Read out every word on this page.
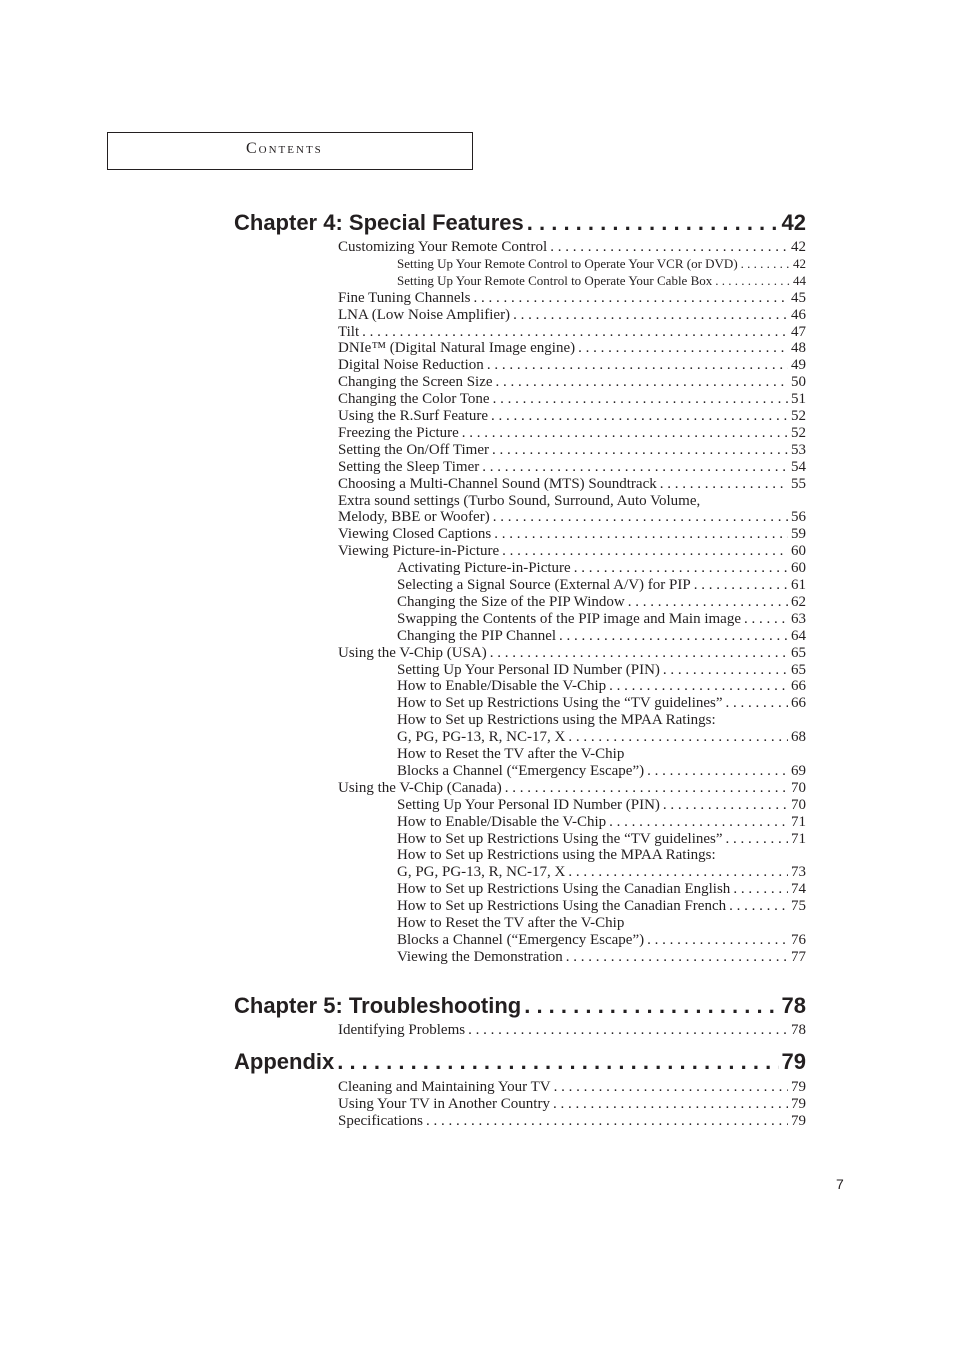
Contents
Chapter 4: Special Features . . .	42
Customizing Your Remote Control . . .	42
Setting Up Your Remote Control to Operate Your VCR (or DVD) . . .	42
Setting Up Your Remote Control to Operate Your Cable Box . . .	44
Fine Tuning Channels . . .	45
LNA (Low Noise Amplifier) . . .	46
Tilt . . .	47
DNIe™ (Digital Natural Image engine) . . .	48
Digital Noise Reduction . . .	49
Changing the Screen Size . . .	50
Changing the Color Tone . . .	51
Using the R.Surf Feature . . .	52
Freezing the Picture . . .	52
Setting the On/Off Timer . . .	53
Setting the Sleep Timer . . .	54
Choosing a Multi-Channel Sound (MTS) Soundtrack . . .	55
Extra sound settings (Turbo Sound, Surround, Auto Volume,
Melody, BBE or Woofer) . . .	56
Viewing Closed Captions . . .	59
Viewing Picture-in-Picture . . .	60
Activating Picture-in-Picture . . .	60
Selecting a Signal Source (External A/V) for PIP . . .	61
Changing the Size of the PIP Window . . .	62
Swapping the Contents of the PIP image and Main image . . .	63
Changing the PIP Channel . . .	64
Using the V-Chip (USA) . . .	65
Setting Up Your Personal ID Number (PIN) . . .	65
How to Enable/Disable the V-Chip . . .	66
How to Set up Restrictions Using the “TV guidelines” . . .	66
How to Set up Restrictions using the MPAA Ratings:
G, PG, PG-13, R, NC-17, X . . .	68
How to Reset the TV after the V-Chip
Blocks a Channel (“Emergency Escape”) . . .	69
Using the V-Chip (Canada) . . .	70
Setting Up Your Personal ID Number (PIN) . . .	70
How to Enable/Disable the V-Chip . . .	71
How to Set up Restrictions Using the “TV guidelines” . . .	71
How to Set up Restrictions using the MPAA Ratings:
G, PG, PG-13, R, NC-17, X . . .	73
How to Set up Restrictions Using the Canadian English . . .	74
How to Set up Restrictions Using the Canadian French . . .	75
How to Reset the TV after the V-Chip
Blocks a Channel (“Emergency Escape”) . . .	76
Viewing the Demonstration . . .	77
Chapter 5: Troubleshooting . . .	78
Identifying Problems . . .	78
Appendix . . .	79
Cleaning and Maintaining Your TV . . .	79
Using Your TV in Another Country . . .	79
Specifications . . .	79
7
